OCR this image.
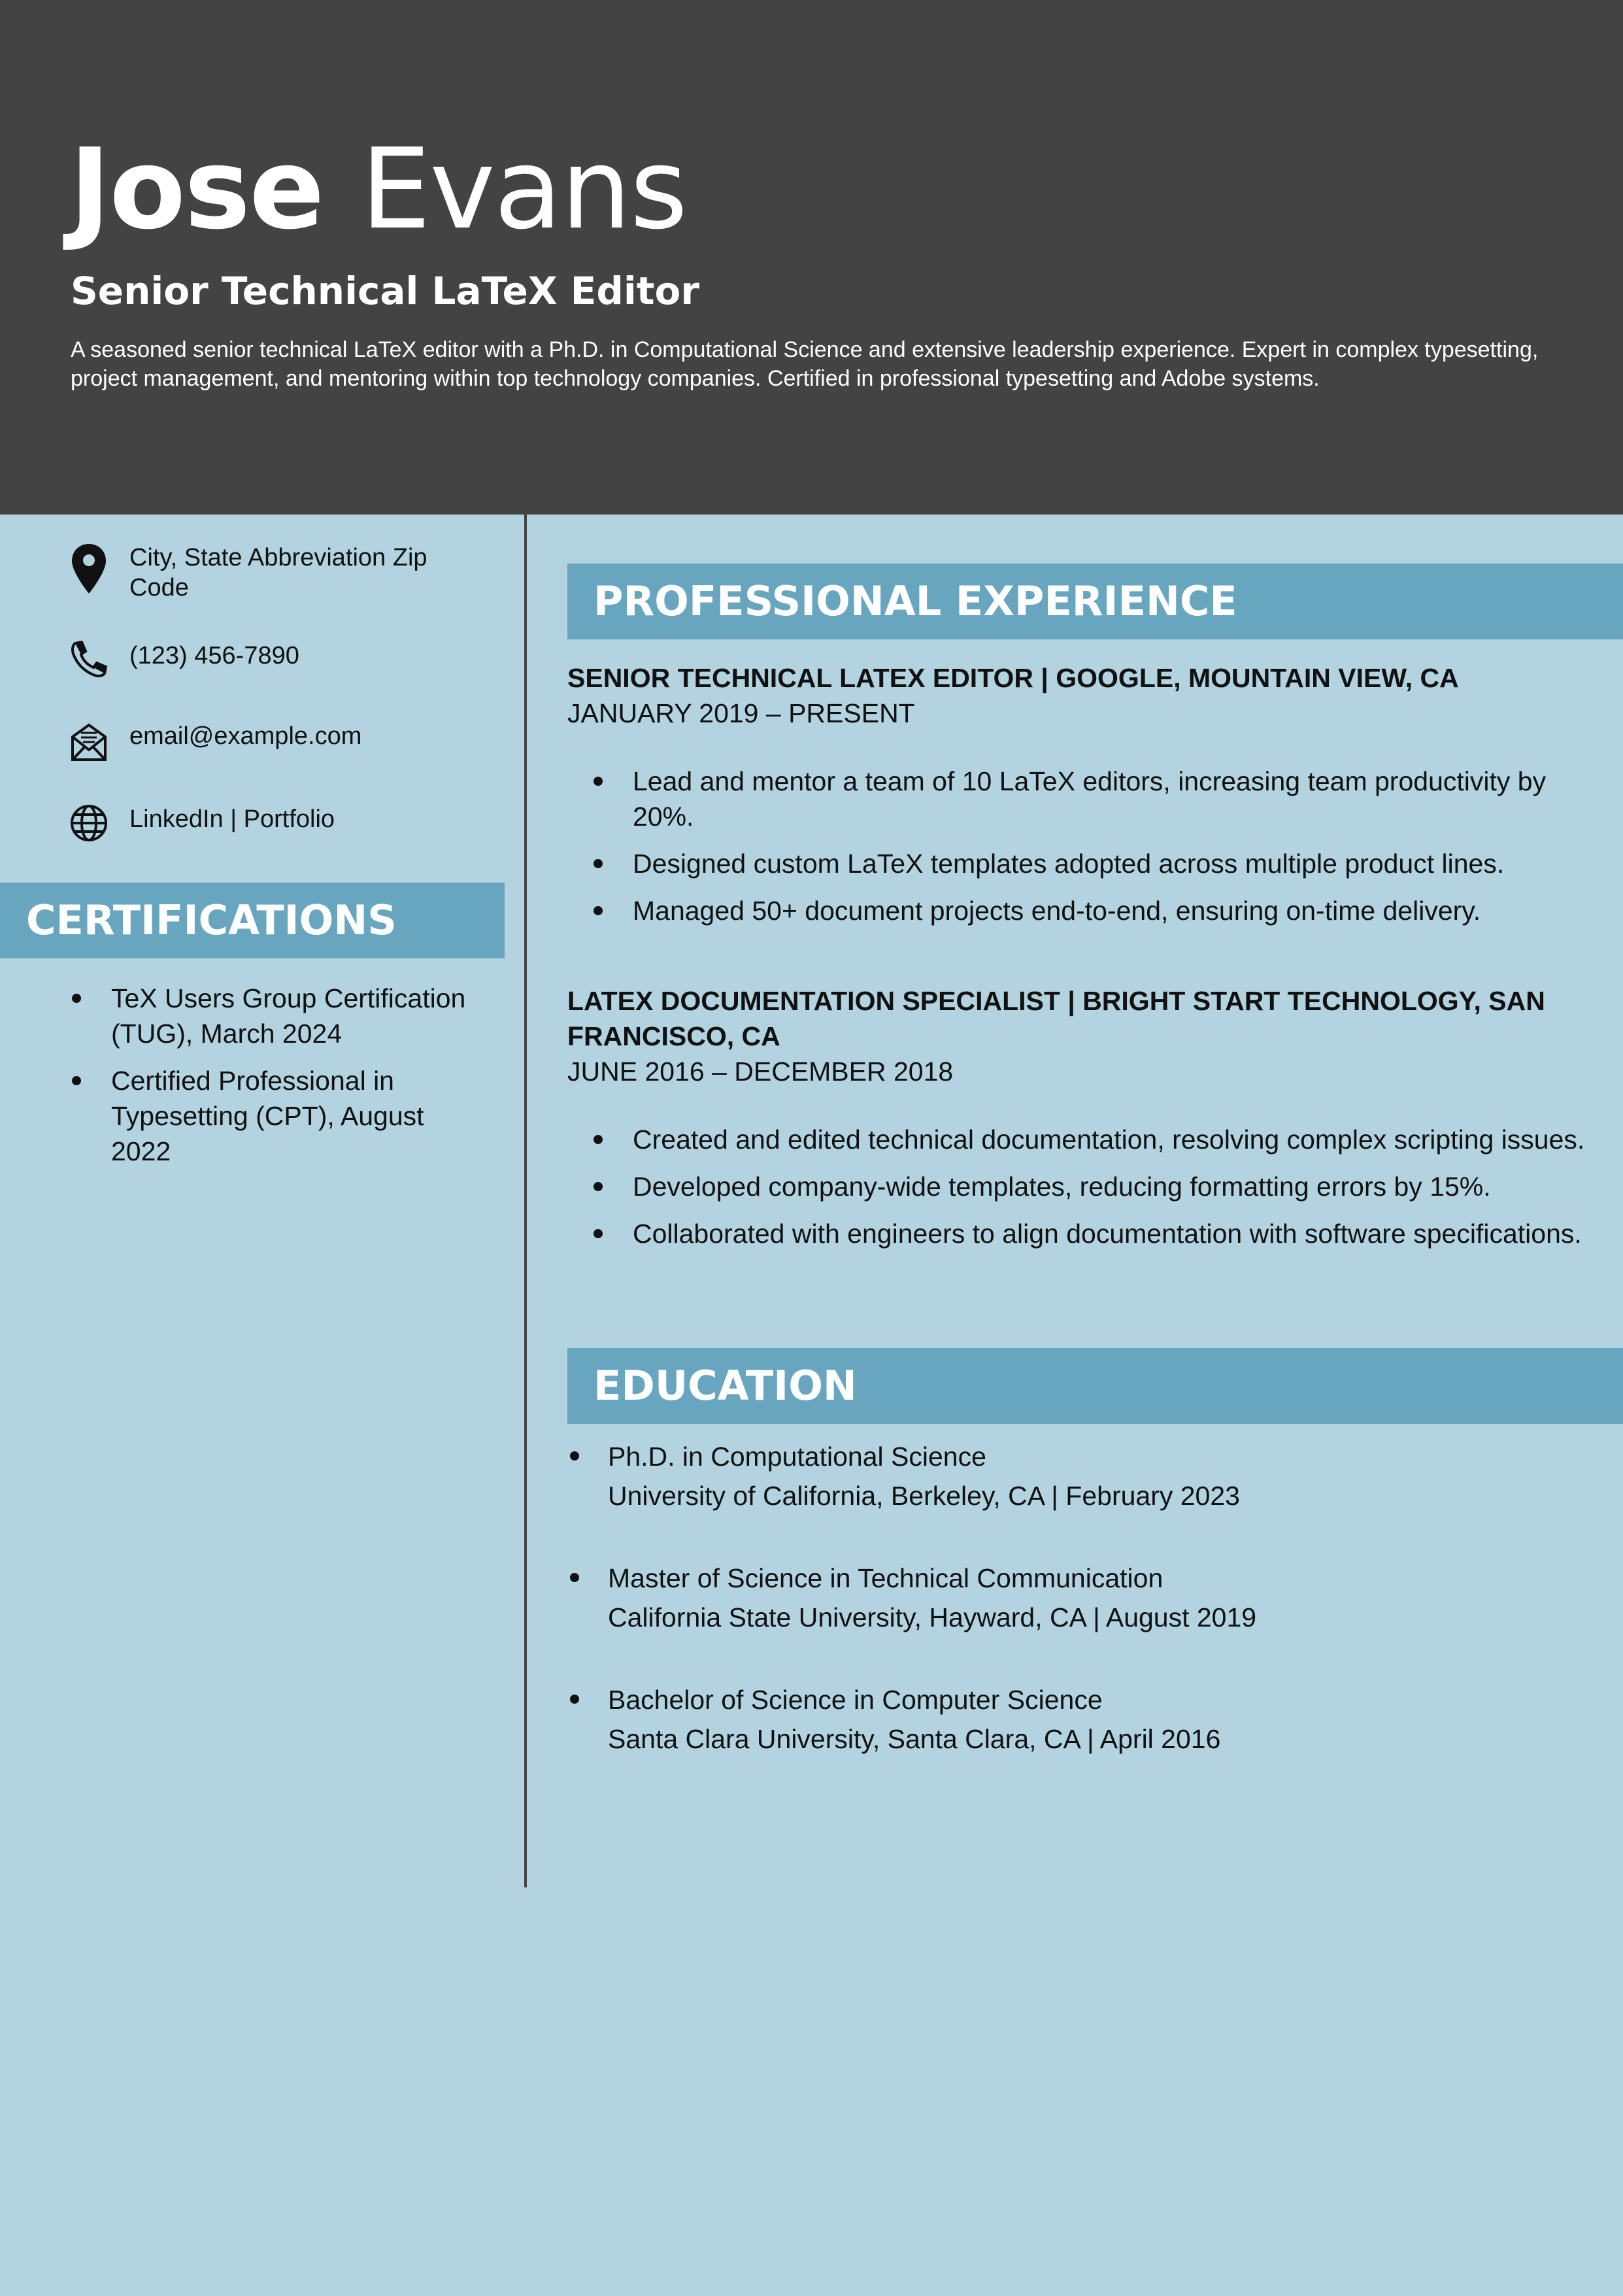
Jose Evans
Senior Technical LaTeX Editor

A seasoned senior technical LaTeX editor with a Ph.D. in Computational Science and extensive leadership experience. Expert in complex typesetting, project management, and mentoring within top technology companies. Certified in professional typesetting and Adobe systems.

City, State Abbreviation Zip Code
(123) 456-7890
email@example.com
LinkedIn | Portfolio
CERTIFICATIONS
TeX Users Group Certification (TUG), March 2024
Certified Professional in Typesetting (CPT), August 2022
PROFESSIONAL EXPERIENCE

SENIOR TECHNICAL LATEX EDITOR | GOOGLE, MOUNTAIN VIEW, CA

JANUARY 2019 – PRESENT

Lead and mentor a team of 10 LaTeX editors, increasing team productivity by 20%.
Designed custom LaTeX templates adopted across multiple product lines.
Managed 50+ document projects end-to-end, ensuring on-time delivery.

LATEX DOCUMENTATION SPECIALIST | BRIGHT START TECHNOLOGY, SAN FRANCISCO, CA

JUNE 2016 – DECEMBER 2018

Created and edited technical documentation, resolving complex scripting issues.
Developed company-wide templates, reducing formatting errors by 15%.
Collaborated with engineers to align documentation with software specifications.
EDUCATION
Ph.D. in Computational Science
University of California, Berkeley, CA | February 2023
Master of Science in Technical Communication
California State University, Hayward, CA | August 2019
Bachelor of Science in Computer Science
Santa Clara University, Santa Clara, CA | April 2016
